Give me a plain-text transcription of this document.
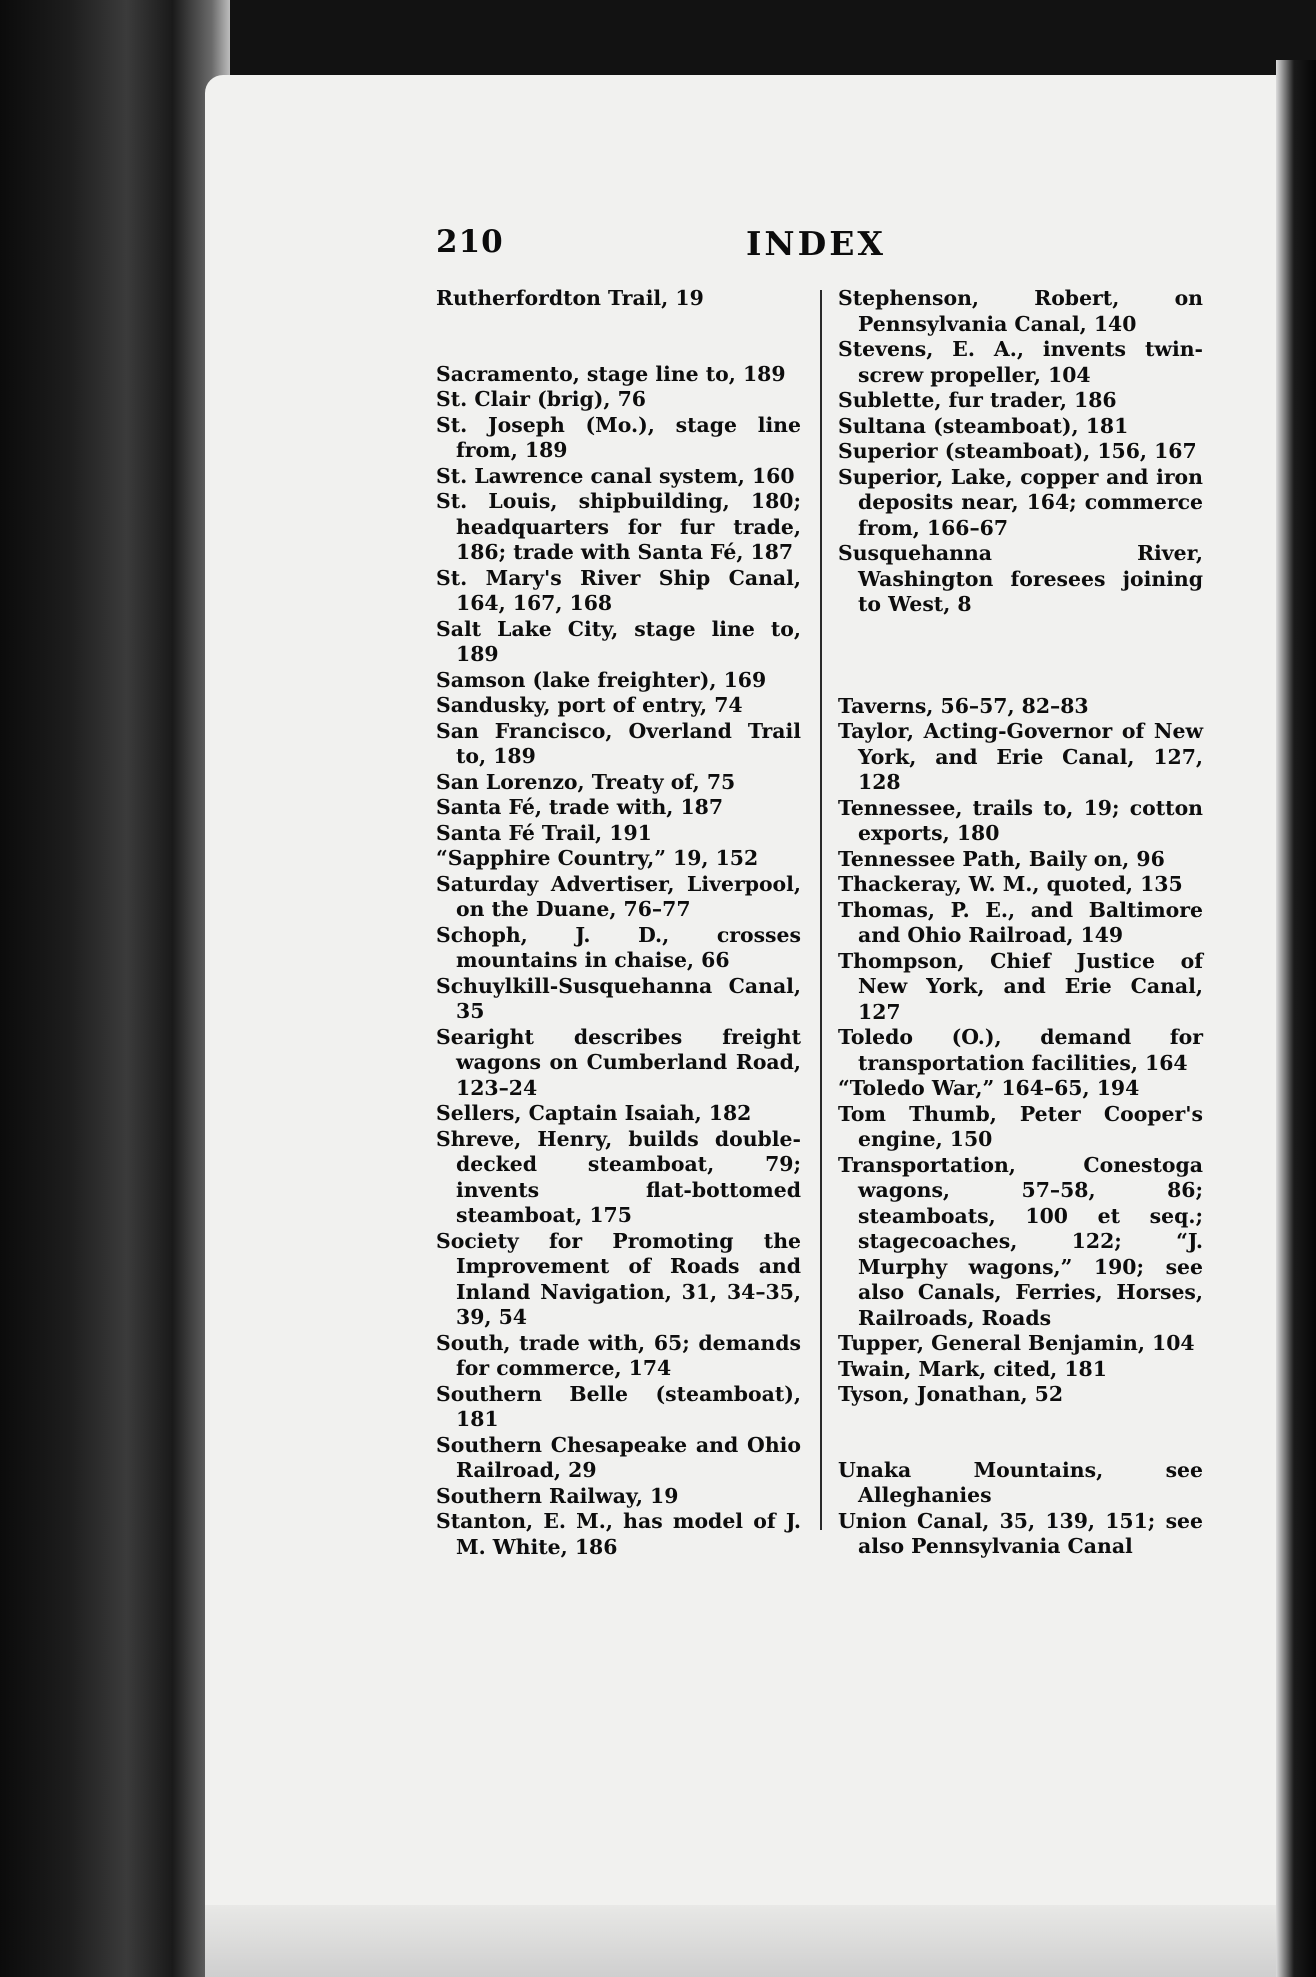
210	INDEX
Rutherfordton Trail, 19
Sacramento, stage line to, 189
St. Clair (brig), 76
St. Joseph (Mo.), stage line from, 189
St. Lawrence canal system, 160
St. Louis, shipbuilding, 180; headquarters for fur trade, 186; trade with Santa Fé, 187
St. Mary's River Ship Canal, 164, 167, 168
Salt Lake City, stage line to, 189
Samson (lake freighter), 169
Sandusky, port of entry, 74
San Francisco, Overland Trail to, 189
San Lorenzo, Treaty of, 75
Santa Fé, trade with, 187
Santa Fé Trail, 191
“Sapphire Country,” 19, 152
Saturday Advertiser, Liverpool, on the Duane, 76–77
Schoph, J. D., crosses mountains in chaise, 66
Schuylkill-Susquehanna Canal, 35
Searight describes freight wagons on Cumberland Road, 123–24
Sellers, Captain Isaiah, 182
Shreve, Henry, builds double-decked steamboat, 79; invents flat-bottomed steamboat, 175
Society for Promoting the Improvement of Roads and Inland Navigation, 31, 34–35, 39, 54
South, trade with, 65; demands for commerce, 174
Southern Belle (steamboat), 181
Southern Chesapeake and Ohio Railroad, 29
Southern Railway, 19
Stanton, E. M., has model of J. M. White, 186
Stephenson, Robert, on Pennsylvania Canal, 140
Stevens, E. A., invents twin-screw propeller, 104
Sublette, fur trader, 186
Sultana (steamboat), 181
Superior (steamboat), 156, 167
Superior, Lake, copper and iron deposits near, 164; commerce from, 166–67
Susquehanna River, Washington foresees joining to West, 8
Taverns, 56–57, 82–83
Taylor, Acting-Governor of New York, and Erie Canal, 127, 128
Tennessee, trails to, 19; cotton exports, 180
Tennessee Path, Baily on, 96
Thackeray, W. M., quoted, 135
Thomas, P. E., and Baltimore and Ohio Railroad, 149
Thompson, Chief Justice of New York, and Erie Canal, 127
Toledo (O.), demand for transportation facilities, 164
“Toledo War,” 164–65, 194
Tom Thumb, Peter Cooper's engine, 150
Transportation, Conestoga wagons, 57–58, 86; steamboats, 100 et seq.; stagecoaches, 122; “J. Murphy wagons,” 190; see also Canals, Ferries, Horses, Railroads, Roads
Tupper, General Benjamin, 104
Twain, Mark, cited, 181
Tyson, Jonathan, 52
Unaka Mountains, see Alleghanies
Union Canal, 35, 139, 151; see also Pennsylvania Canal
